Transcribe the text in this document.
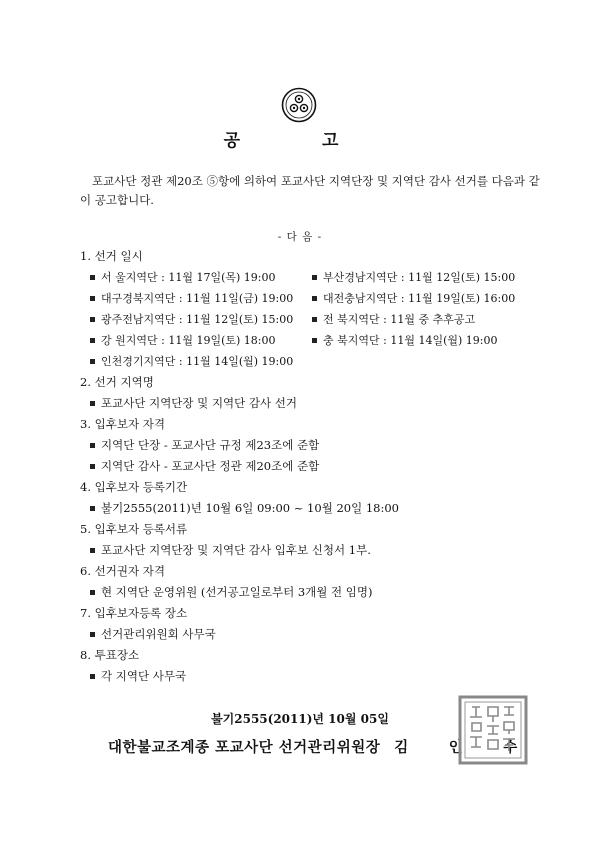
공 고
포교사단 정관 제20조 ⑤항에 의하여 포교사단 지역단장 및 지역단 감사 선거를 다음과 같이 공고합니다.
- 다 음 -
1. 선거 일시
서 울지역단 : 11월 17일(목) 19:00	부산경남지역단 : 11월 12일(토) 15:00
대구경북지역단 : 11월 11일(금) 19:00	대전충남지역단 : 11월 19일(토) 16:00
광주전남지역단 : 11월 12일(토) 15:00	전 북지역단 : 11월 중 추후공고
강 원지역단 : 11월 19일(토) 18:00	충 북지역단 : 11월 14일(월) 19:00
인천경기지역단 : 11월 14일(월) 19:00
2. 선거 지역명
포교사단 지역단장 및 지역단 감사 선거
3. 입후보자 자격
지역단 단장 - 포교사단 규정 제23조에 준함
지역단 감사 - 포교사단 정관 제20조에 준함
4. 입후보자 등록기간
불기2555(2011)년 10월 6일 09:00 ~ 10월 20일 18:00
5. 입후보자 등록서류
포교사단 지역단장 및 지역단 감사 입후보 신청서 1부.
6. 선거권자 자격
현 지역단 운영위원 (선거공고일로부터 3개월 전 임명)
7. 입후보자등록 장소
선거관리위원회 사무국
8. 투표장소
각 지역단 사무국
불기2555(2011)년 10월 05일
대한불교조계종 포교사단 선거관리위원장 김	인	수
